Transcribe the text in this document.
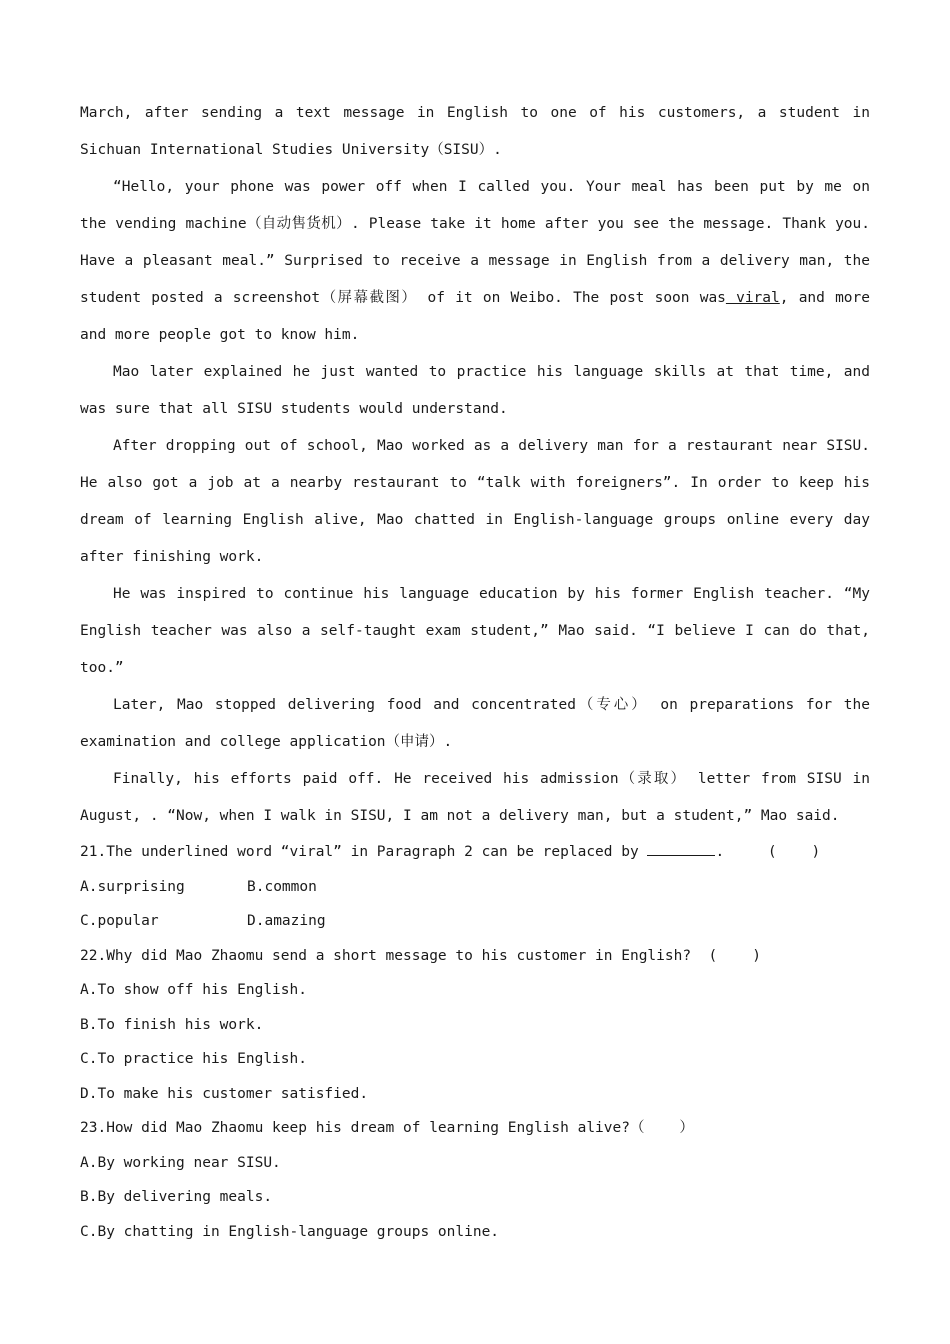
March, after sending a text message in English to one of his customers, a student in Sichuan International Studies University（SISU）.

“Hello, your phone was power off when I called you. Your meal has been put by me on the vending machine（自动售货机）. Please take it home after you see the message. Thank you. Have a pleasant meal.” Surprised to receive a message in English from a delivery man, the student posted a screenshot（屏幕截图） of it on Weibo. The post soon was viral, and more and more people got to know him.

Mao later explained he just wanted to practice his language skills at that time, and was sure that all SISU students would understand.

After dropping out of school, Mao worked as a delivery man for a restaurant near SISU. He also got a job at a nearby restaurant to “talk with foreigners”. In order to keep his dream of learning English alive, Mao chatted in English-language groups online every day after finishing work.

He was inspired to continue his language education by his former English teacher. “My English teacher was also a self-taught exam student,” Mao said. “I believe I can do that, too.”

Later, Mao stopped delivering food and concentrated（专心） on preparations for the examination and college application（申请）.

Finally, his efforts paid off. He received his admission（录取） letter from SISU in August, . “Now, when I walk in SISU, I am not a delivery man, but a student,” Mao said.

21.The underlined word “viral” in Paragraph 2 can be replaced by	.     (    )

A.surprising	B.common
C.popular	D.amazing

22.Why did Mao Zhaomu send a short message to his customer in English?  (    )

A.To show off his English.

B.To finish his work.

C.To practice his English.

D.To make his customer satisfied.

23.How did Mao Zhaomu keep his dream of learning English alive?（    ）

A.By working near SISU.

B.By delivering meals.

C.By chatting in English-language groups online.
